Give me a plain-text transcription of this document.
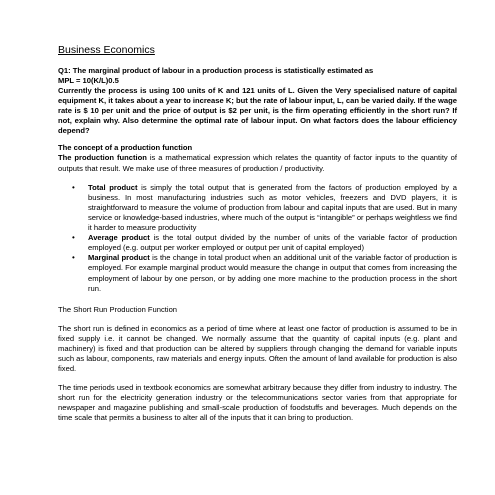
Business Economics
Q1: The marginal product of labour in a production process is statistically estimated as
MPL = 10(K/L)0.5
Currently the process is using 100 units of K and 121 units of L. Given the Very specialised nature of capital equipment K, it takes about a year to increase K; but the rate of labour input, L, can be varied daily. If the wage rate is $ 10 per unit and the price of output is $2 per unit, is the firm operating efficiently in the short run? If not, explain why. Also determine the optimal rate of labour input. On what factors does the labour efficiency depend?
The concept of a production function

The production function is a mathematical expression which relates the quantity of factor inputs to the quantity of outputs that result. We make use of three measures of production / productivity.

• Total product is simply the total output that is generated from the factors of production employed by a business. In most manufacturing industries such as motor vehicles, freezers and DVD players, it is straightforward to measure the volume of production from labour and capital inputs that are used. But in many service or knowledge-based industries, where much of the output is “intangible” or perhaps weightless we find it harder to measure productivity
• Average product is the total output divided by the number of units of the variable factor of production employed (e.g. output per worker employed or output per unit of capital employed)
• Marginal product is the change in total product when an additional unit of the variable factor of production is employed. For example marginal product would measure the change in output that comes from increasing the employment of labour by one person, or by adding one more machine to the production process in the short run.
The Short Run Production Function

The short run is defined in economics as a period of time where at least one factor of production is assumed to be in fixed supply i.e. it cannot be changed. We normally assume that the quantity of capital inputs (e.g. plant and machinery) is fixed and that production can be altered by suppliers through changing the demand for variable inputs such as labour, components, raw materials and energy inputs. Often the amount of land available for production is also fixed.

The time periods used in textbook economics are somewhat arbitrary because they differ from industry to industry. The short run for the electricity generation industry or the telecommunications sector varies from that appropriate for newspaper and magazine publishing and small-scale production of foodstuffs and beverages. Much depends on the time scale that permits a business to alter all of the inputs that it can bring to production.
